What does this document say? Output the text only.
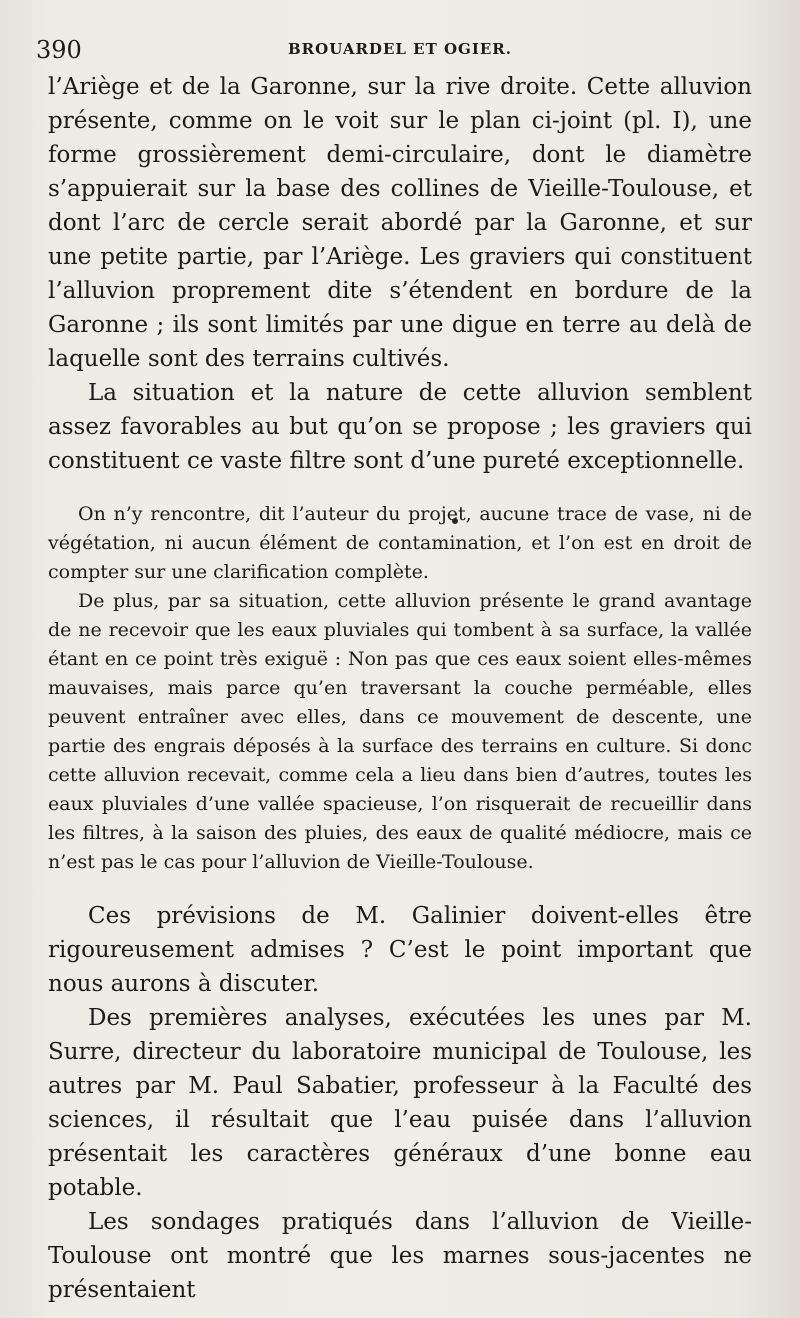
390	BROUARDEL ET OGIER.

l’Ariège et de la Garonne, sur la rive droite. Cette alluvion présente, comme on le voit sur le plan ci-joint (pl. I), une forme grossièrement demi-circulaire, dont le diamètre s’appuierait sur la base des collines de Vieille-Toulouse, et dont l’arc de cercle serait abordé par la Garonne, et sur une petite partie, par l’Ariège. Les graviers qui constituent l’alluvion proprement dite s’étendent en bordure de la Garonne ; ils sont limités par une digue en terre au delà de laquelle sont des terrains cultivés.

La situation et la nature de cette alluvion semblent assez favorables au but qu’on se propose ; les graviers qui constituent ce vaste filtre sont d’une pureté exceptionnelle.

On n’y rencontre, dit l’auteur du projet, aucune trace de vase, ni de végétation, ni aucun élément de contamination, et l’on est en droit de compter sur une clarification complète.

De plus, par sa situation, cette alluvion présente le grand avantage de ne recevoir que les eaux pluviales qui tombent à sa surface, la vallée étant en ce point très exiguë : Non pas que ces eaux soient elles-mêmes mauvaises, mais parce qu’en traversant la couche perméable, elles peuvent entraîner avec elles, dans ce mouvement de descente, une partie des engrais déposés à la surface des terrains en culture. Si donc cette alluvion recevait, comme cela a lieu dans bien d’autres, toutes les eaux pluviales d’une vallée spacieuse, l’on risquerait de recueillir dans les filtres, à la saison des pluies, des eaux de qualité médiocre, mais ce n’est pas le cas pour l’alluvion de Vieille-Toulouse.

Ces prévisions de M. Galinier doivent-elles être rigoureusement admises ? C’est le point important que nous aurons à discuter.

Des premières analyses, exécutées les unes par M. Surre, directeur du laboratoire municipal de Toulouse, les autres par M. Paul Sabatier, professeur à la Faculté des sciences, il résultait que l’eau puisée dans l’alluvion présentait les caractères généraux d’une bonne eau potable.

Les sondages pratiqués dans l’alluvion de Vieille-Toulouse ont montré que les marnes sous-jacentes ne présentaient
